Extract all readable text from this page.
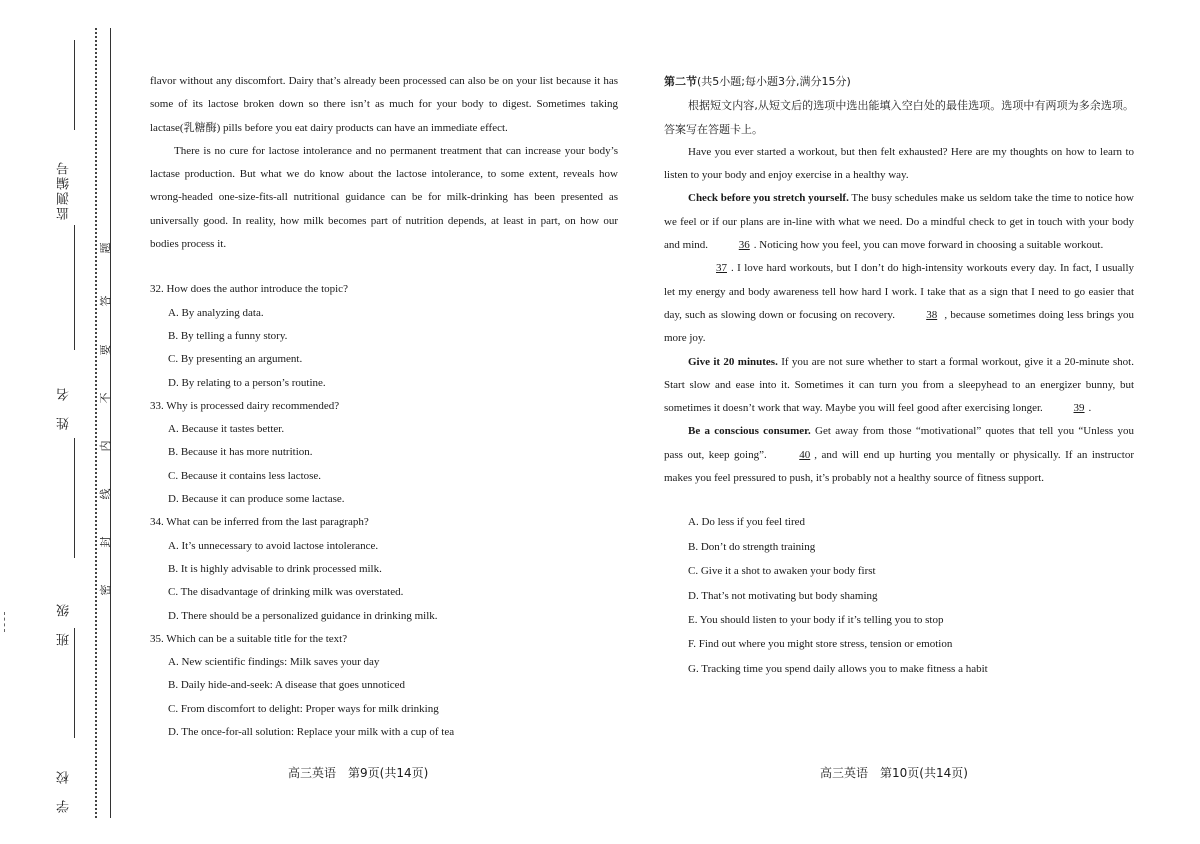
监测编号
姓名
班级
学校
题
答
要
不
内
线
封
密

flavor without any discomfort. Dairy that’s already been processed can also be on your list because it has some of its lactose broken down so there isn’t as much for your body to digest. Sometimes taking lactase(乳糖酶) pills before you eat dairy products can have an immediate effect.

There is no cure for lactose intolerance and no permanent treatment that can increase your body’s lactase production. But what we do know about the lactose intolerance, to some extent, reveals how wrong-headed one-size-fits-all nutritional guidance can be for milk-drinking has been presented as universally good. In reality, how milk becomes part of nutrition depends, at least in part, on how our bodies process it.

32. How does the author introduce the topic?

A. By analyzing data.

B. By telling a funny story.

C. By presenting an argument.

D. By relating to a person’s routine.

33. Why is processed dairy recommended?

A. Because it tastes better.

B. Because it has more nutrition.

C. Because it contains less lactose.

D. Because it can produce some lactase.

34. What can be inferred from the last paragraph?

A. It’s unnecessary to avoid lactose intolerance.

B. It is highly advisable to drink processed milk.

C. The disadvantage of drinking milk was overstated.

D. There should be a personalized guidance in drinking milk.

35. Which can be a suitable title for the text?

A. New scientific findings: Milk saves your day

B. Daily hide-and-seek: A disease that goes unnoticed

C. From discomfort to delight: Proper ways for milk drinking

D. The once-for-all solution: Replace your milk with a cup of tea

第二节(共5小题;每小题3分,满分15分)

根据短文内容,从短文后的选项中选出能填入空白处的最佳选项。选项中有两项为多余选项。答案写在答题卡上。

Have you ever started a workout, but then felt exhausted? Here are my thoughts on how to learn to listen to your body and enjoy exercise in a healthy way.

Check before you stretch yourself. The busy schedules make us seldom take the time to notice how we feel or if our plans are in-line with what we need. Do a mindful check to get in touch with your body and mind.	36 . Noticing how you feel, you can move forward in choosing a suitable workout.

37 . I love hard workouts, but I don’t do high-intensity workouts every day. In fact, I usually let my energy and body awareness tell how hard I work. I take that as a sign that I need to go easier that day, such as slowing down or focusing on recovery.	38 , because sometimes doing less brings you more joy.

Give it 20 minutes. If you are not sure whether to start a formal workout, give it a 20-minute shot. Start slow and ease into it. Sometimes it can turn you from a sleepyhead to an energizer bunny, but sometimes it doesn’t work that way. Maybe you will feel good after exercising longer.	39 .

Be a conscious consumer. Get away from those “motivational” quotes that tell you “Unless you pass out, keep going”.	40 , and will end up hurting you mentally or physically. If an instructor makes you feel pressured to push, it’s probably not a healthy source of fitness support.

A. Do less if you feel tired

B. Don’t do strength training

C. Give it a shot to awaken your body first

D. That’s not motivating but body shaming

E. You should listen to your body if it’s telling you to stop

F. Find out where you might store stress, tension or emotion

G. Tracking time you spend daily allows you to make fitness a habit

高三英语　第9页(共14页)	高三英语　第10页(共14页)
